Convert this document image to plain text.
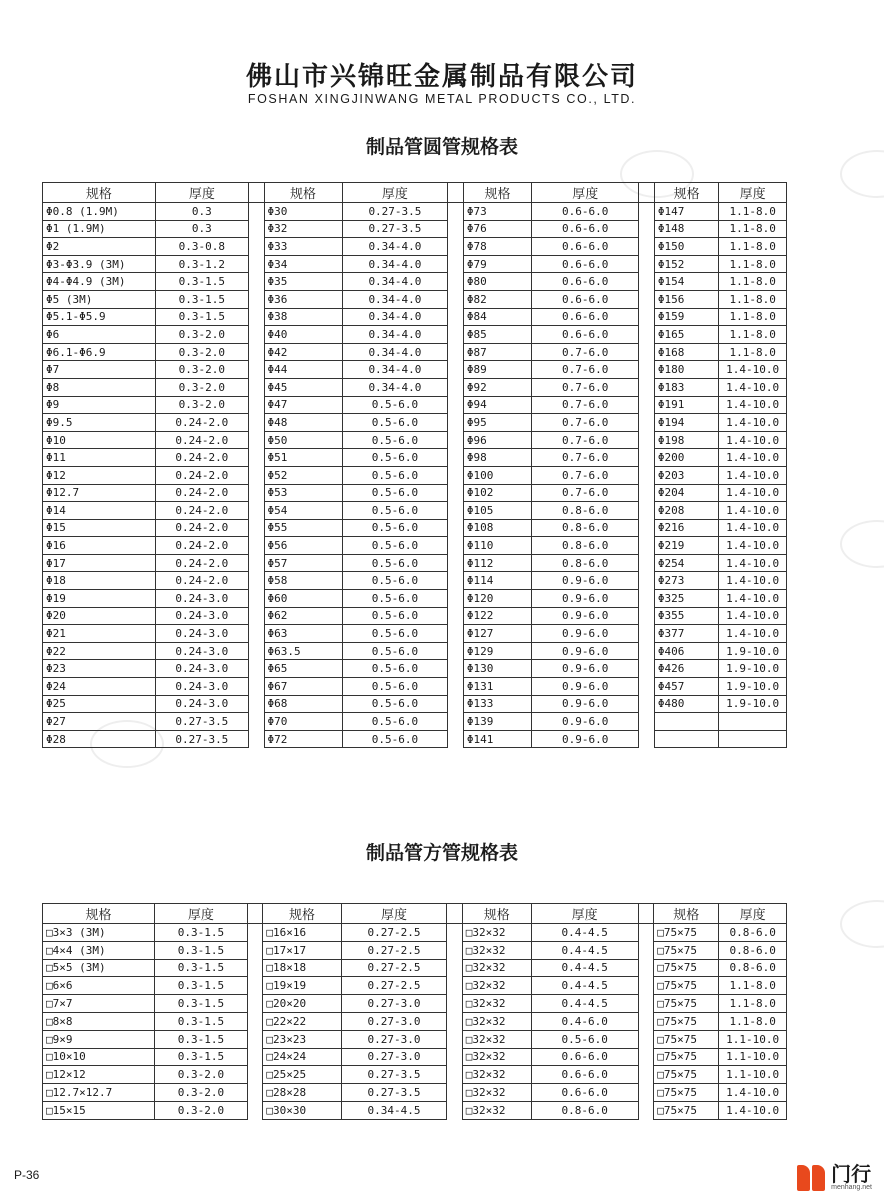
佛山市兴锦旺金属制品有限公司
FOSHAN XINGJINWANG METAL PRODUCTS CO., LTD.
制品管圆管规格表
规格	厚度		规格	厚度		规格	厚度		规格	厚度
Φ0.8 (1.9M)	0.3		Φ30	0.27-3.5		Φ73	0.6-6.0		Φ147	1.1-8.0
Φ1 (1.9M)	0.3		Φ32	0.27-3.5		Φ76	0.6-6.0		Φ148	1.1-8.0
Φ2	0.3-0.8		Φ33	0.34-4.0		Φ78	0.6-6.0		Φ150	1.1-8.0
Φ3-Φ3.9 (3M)	0.3-1.2		Φ34	0.34-4.0		Φ79	0.6-6.0		Φ152	1.1-8.0
Φ4-Φ4.9 (3M)	0.3-1.5		Φ35	0.34-4.0		Φ80	0.6-6.0		Φ154	1.1-8.0
Φ5 (3M)	0.3-1.5		Φ36	0.34-4.0		Φ82	0.6-6.0		Φ156	1.1-8.0
Φ5.1-Φ5.9	0.3-1.5		Φ38	0.34-4.0		Φ84	0.6-6.0		Φ159	1.1-8.0
Φ6	0.3-2.0		Φ40	0.34-4.0		Φ85	0.6-6.0		Φ165	1.1-8.0
Φ6.1-Φ6.9	0.3-2.0		Φ42	0.34-4.0		Φ87	0.7-6.0		Φ168	1.1-8.0
Φ7	0.3-2.0		Φ44	0.34-4.0		Φ89	0.7-6.0		Φ180	1.4-10.0
Φ8	0.3-2.0		Φ45	0.34-4.0		Φ92	0.7-6.0		Φ183	1.4-10.0
Φ9	0.3-2.0		Φ47	0.5-6.0		Φ94	0.7-6.0		Φ191	1.4-10.0
Φ9.5	0.24-2.0		Φ48	0.5-6.0		Φ95	0.7-6.0		Φ194	1.4-10.0
Φ10	0.24-2.0		Φ50	0.5-6.0		Φ96	0.7-6.0		Φ198	1.4-10.0
Φ11	0.24-2.0		Φ51	0.5-6.0		Φ98	0.7-6.0		Φ200	1.4-10.0
Φ12	0.24-2.0		Φ52	0.5-6.0		Φ100	0.7-6.0		Φ203	1.4-10.0
Φ12.7	0.24-2.0		Φ53	0.5-6.0		Φ102	0.7-6.0		Φ204	1.4-10.0
Φ14	0.24-2.0		Φ54	0.5-6.0		Φ105	0.8-6.0		Φ208	1.4-10.0
Φ15	0.24-2.0		Φ55	0.5-6.0		Φ108	0.8-6.0		Φ216	1.4-10.0
Φ16	0.24-2.0		Φ56	0.5-6.0		Φ110	0.8-6.0		Φ219	1.4-10.0
Φ17	0.24-2.0		Φ57	0.5-6.0		Φ112	0.8-6.0		Φ254	1.4-10.0
Φ18	0.24-2.0		Φ58	0.5-6.0		Φ114	0.9-6.0		Φ273	1.4-10.0
Φ19	0.24-3.0		Φ60	0.5-6.0		Φ120	0.9-6.0		Φ325	1.4-10.0
Φ20	0.24-3.0		Φ62	0.5-6.0		Φ122	0.9-6.0		Φ355	1.4-10.0
Φ21	0.24-3.0		Φ63	0.5-6.0		Φ127	0.9-6.0		Φ377	1.4-10.0
Φ22	0.24-3.0		Φ63.5	0.5-6.0		Φ129	0.9-6.0		Φ406	1.9-10.0
Φ23	0.24-3.0		Φ65	0.5-6.0		Φ130	0.9-6.0		Φ426	1.9-10.0
Φ24	0.24-3.0		Φ67	0.5-6.0		Φ131	0.9-6.0		Φ457	1.9-10.0
Φ25	0.24-3.0		Φ68	0.5-6.0		Φ133	0.9-6.0		Φ480	1.9-10.0
Φ27	0.27-3.5		Φ70	0.5-6.0		Φ139	0.9-6.0			
Φ28	0.27-3.5		Φ72	0.5-6.0		Φ141	0.9-6.0			
制品管方管规格表
规格	厚度		规格	厚度		规格	厚度		规格	厚度
□3×3 (3M)	0.3-1.5		□16×16	0.27-2.5		□32×32	0.4-4.5		□75×75	0.8-6.0
□4×4 (3M)	0.3-1.5		□17×17	0.27-2.5		□32×32	0.4-4.5		□75×75	0.8-6.0
□5×5 (3M)	0.3-1.5		□18×18	0.27-2.5		□32×32	0.4-4.5		□75×75	0.8-6.0
□6×6	0.3-1.5		□19×19	0.27-2.5		□32×32	0.4-4.5		□75×75	1.1-8.0
□7×7	0.3-1.5		□20×20	0.27-3.0		□32×32	0.4-4.5		□75×75	1.1-8.0
□8×8	0.3-1.5		□22×22	0.27-3.0		□32×32	0.4-6.0		□75×75	1.1-8.0
□9×9	0.3-1.5		□23×23	0.27-3.0		□32×32	0.5-6.0		□75×75	1.1-10.0
□10×10	0.3-1.5		□24×24	0.27-3.0		□32×32	0.6-6.0		□75×75	1.1-10.0
□12×12	0.3-2.0		□25×25	0.27-3.5		□32×32	0.6-6.0		□75×75	1.1-10.0
□12.7×12.7	0.3-2.0		□28×28	0.27-3.5		□32×32	0.6-6.0		□75×75	1.4-10.0
□15×15	0.3-2.0		□30×30	0.34-4.5		□32×32	0.8-6.0		□75×75	1.4-10.0
P-36	门行
menhang.net
